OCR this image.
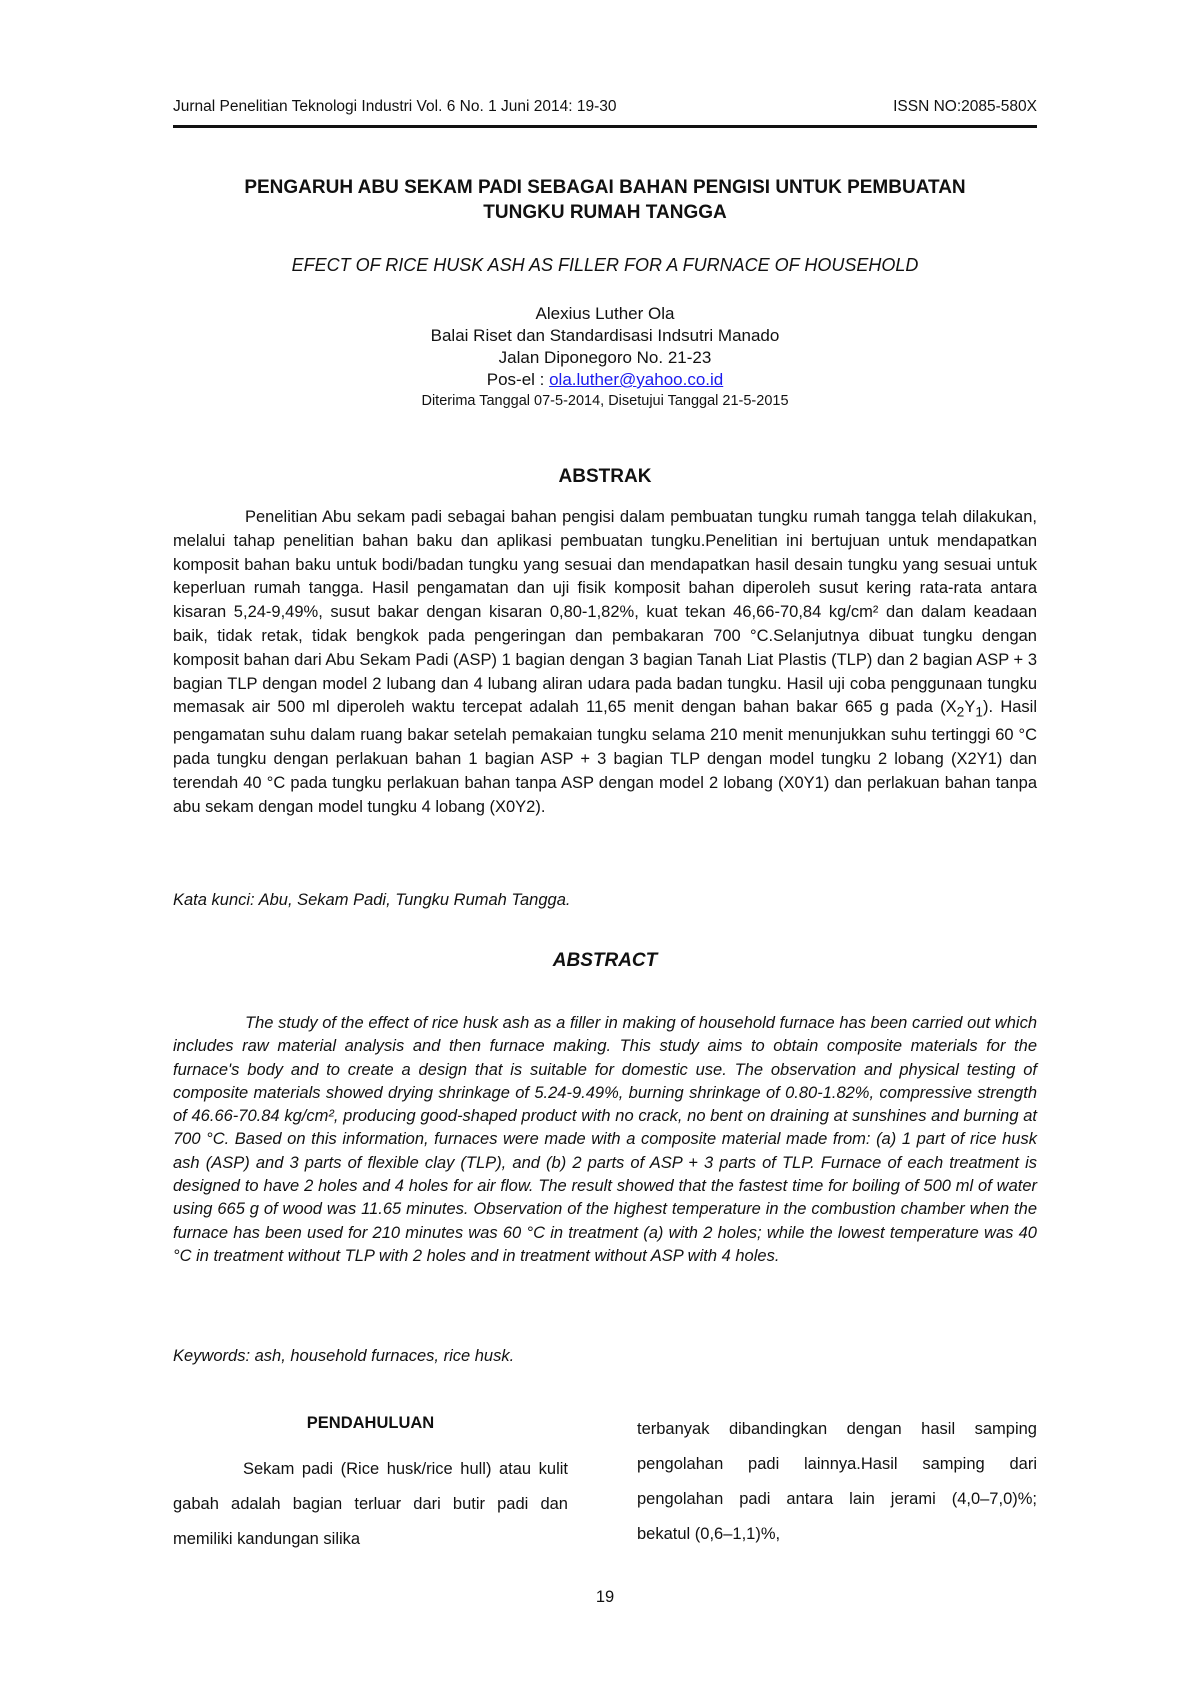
Jurnal Penelitian Teknologi Industri Vol. 6 No. 1 Juni 2014: 19-30	ISSN NO:2085-580X
PENGARUH ABU SEKAM PADI SEBAGAI BAHAN PENGISI UNTUK PEMBUATAN
TUNGKU RUMAH TANGGA
EFECT OF RICE HUSK ASH AS FILLER FOR A FURNACE OF HOUSEHOLD
Alexius Luther Ola
Balai Riset dan Standardisasi Indsutri Manado
Jalan Diponegoro No. 21-23
Pos-el : ola.luther@yahoo.co.id
Diterima Tanggal 07-5-2014, Disetujui Tanggal 21-5-2015
ABSTRAK

Penelitian Abu sekam padi sebagai bahan pengisi dalam pembuatan tungku rumah tangga telah dilakukan, melalui tahap penelitian bahan baku dan aplikasi pembuatan tungku.Penelitian ini bertujuan untuk mendapatkan komposit bahan baku untuk bodi/badan tungku yang sesuai dan mendapatkan hasil desain tungku yang sesuai untuk keperluan rumah tangga. Hasil pengamatan dan uji fisik komposit bahan diperoleh susut kering rata-rata antara kisaran 5,24-9,49%, susut bakar dengan kisaran 0,80-1,82%, kuat tekan 46,66-70,84 kg/cm² dan dalam keadaan baik, tidak retak, tidak bengkok pada pengeringan dan pembakaran 700 °C.Selanjutnya dibuat tungku dengan komposit bahan dari Abu Sekam Padi (ASP) 1 bagian dengan 3 bagian Tanah Liat Plastis (TLP) dan 2 bagian ASP + 3 bagian TLP dengan model 2 lubang dan 4 lubang aliran udara pada badan tungku. Hasil uji coba penggunaan tungku memasak air 500 ml diperoleh waktu tercepat adalah 11,65 menit dengan bahan bakar 665 g pada $(X_2Y_1)$. Hasil pengamatan suhu dalam ruang bakar setelah pemakaian tungku selama 210 menit menunjukkan suhu tertinggi 60 °C pada tungku dengan perlakuan bahan 1 bagian ASP + 3 bagian TLP dengan model tungku 2 lobang (X2Y1) dan terendah 40 °C pada tungku perlakuan bahan tanpa ASP dengan model 2 lobang (X0Y1) dan perlakuan bahan tanpa abu sekam dengan model tungku 4 lobang (X0Y2).

Kata kunci: Abu, Sekam Padi, Tungku Rumah Tangga.
ABSTRACT

The study of the effect of rice husk ash as a filler in making of household furnace has been carried out which includes raw material analysis and then furnace making. This study aims to obtain composite materials for the furnace's body and to create a design that is suitable for domestic use. The observation and physical testing of composite materials showed drying shrinkage of 5.24-9.49%, burning shrinkage of 0.80-1.82%, compressive strength of 46.66-70.84 kg/cm², producing good-shaped product with no crack, no bent on draining at sunshines and burning at 700 °C. Based on this information, furnaces were made with a composite material made from: (a) 1 part of rice husk ash (ASP) and 3 parts of flexible clay (TLP), and (b) 2 parts of ASP + 3 parts of TLP. Furnace of each treatment is designed to have 2 holes and 4 holes for air flow. The result showed that the fastest time for boiling of 500 ml of water using 665 g of wood was 11.65 minutes. Observation of the highest temperature in the combustion chamber when the furnace has been used for 210 minutes was 60 °C in treatment (a) with 2 holes; while the lowest temperature was 40 °C in treatment without TLP with 2 holes and in treatment without ASP with 4 holes.

Keywords: ash, household furnaces, rice husk.
PENDAHULUAN

Sekam padi (Rice husk/rice hull) atau kulit gabah adalah bagian terluar dari butir padi dan memiliki kandungan silika

terbanyak dibandingkan dengan hasil samping pengolahan padi lainnya.Hasil samping dari pengolahan padi antara lain jerami (4,0–7,0)%; bekatul (0,6–1,1)%,

19
